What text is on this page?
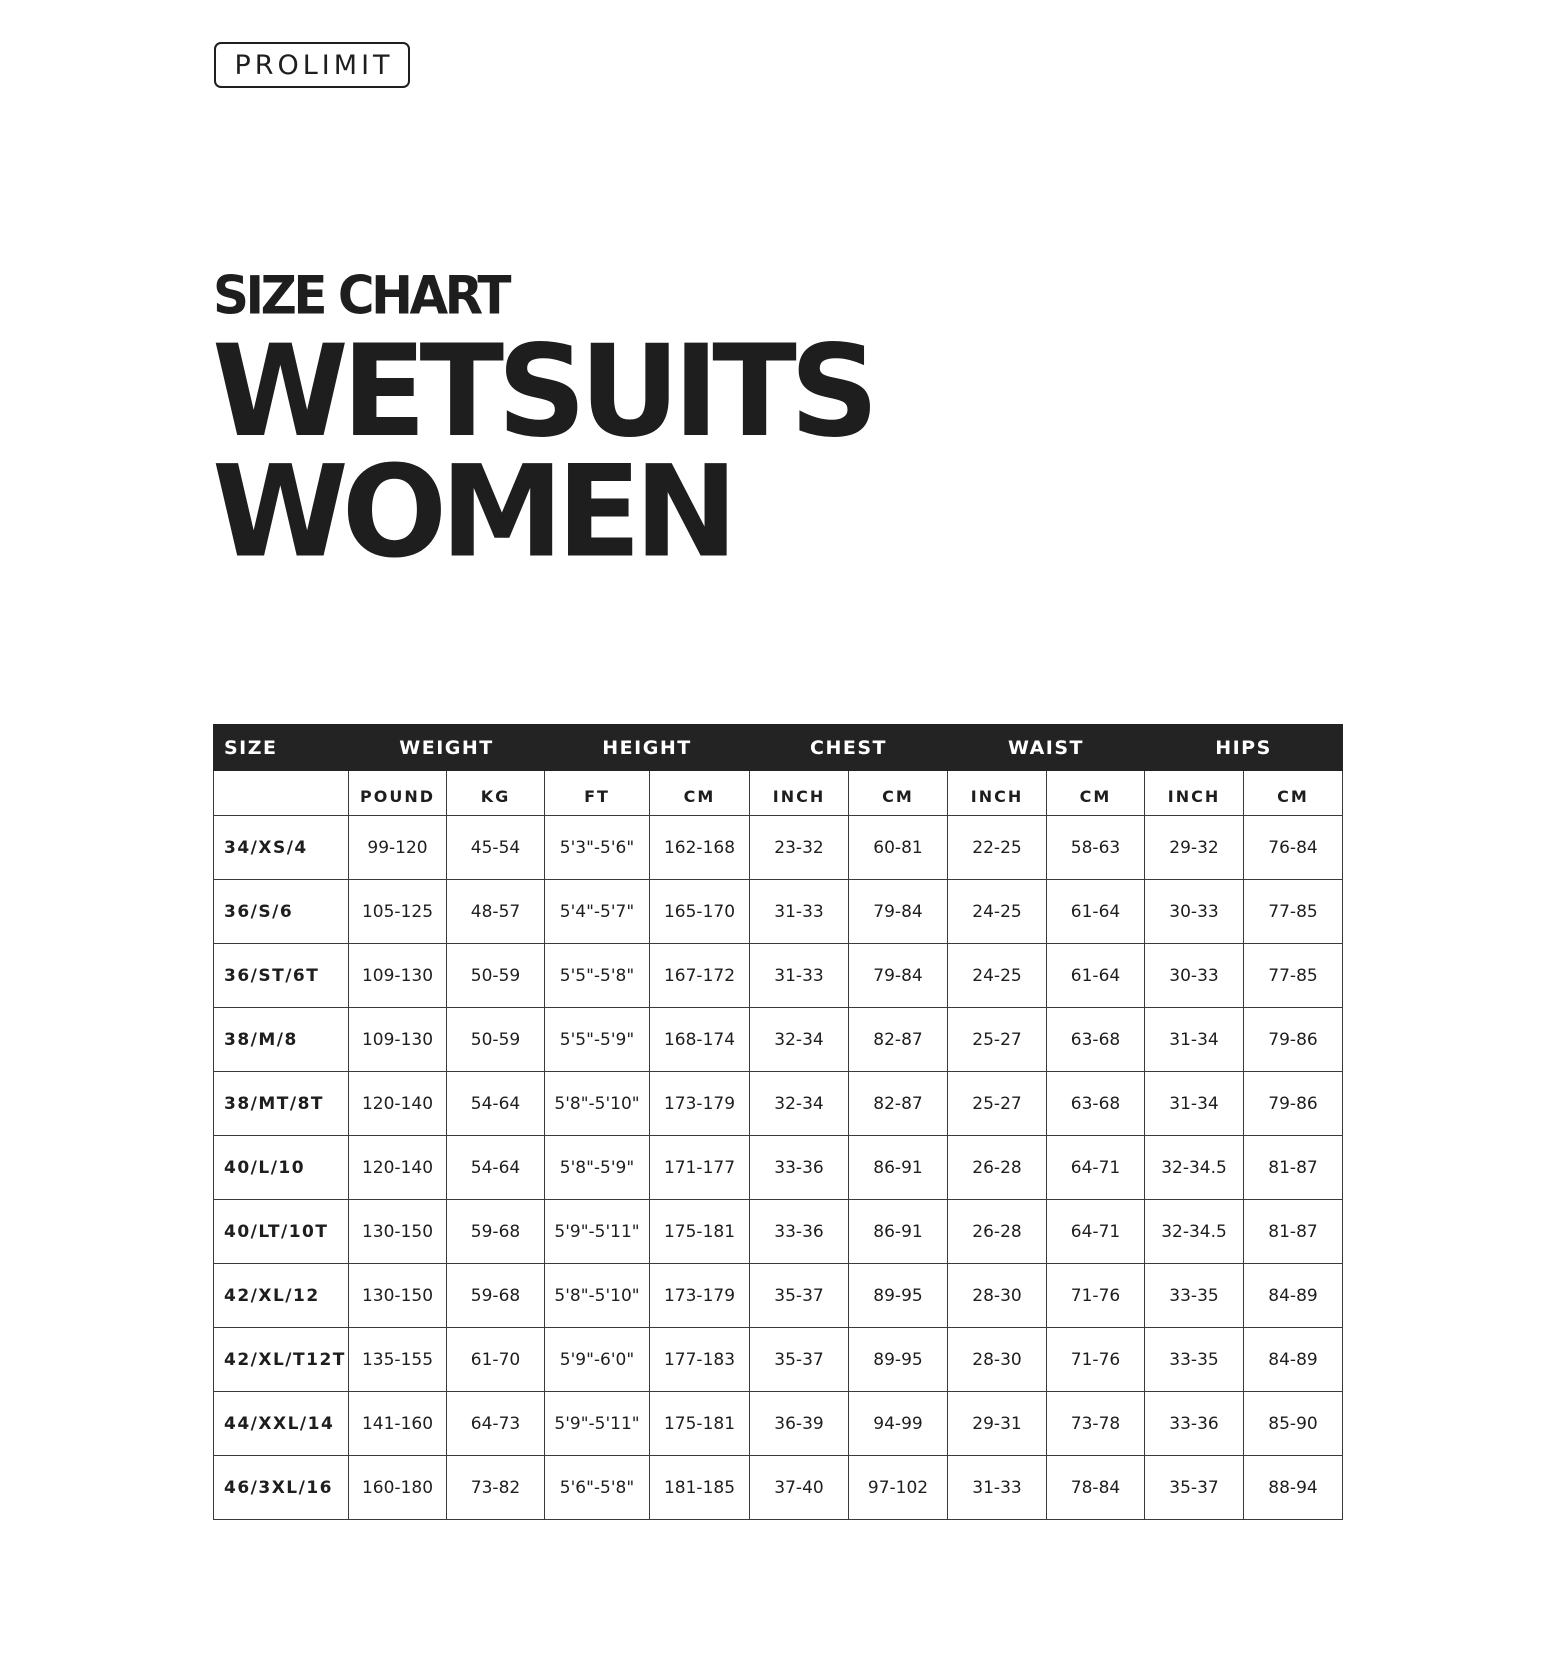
PROLIMIT
SIZE CHART
WETSUITS
WOMEN
SIZE	WEIGHT		HEIGHT		CHEST		WAIST		HIPS	
	POUND	KG	FT	CM	INCH	CM	INCH	CM	INCH	CM
34/XS/4	99-120	45-54	5'3"-5'6"	162-168	23-32	60-81	22-25	58-63	29-32	76-84
36/S/6	105-125	48-57	5'4"-5'7"	165-170	31-33	79-84	24-25	61-64	30-33	77-85
36/ST/6T	109-130	50-59	5'5"-5'8"	167-172	31-33	79-84	24-25	61-64	30-33	77-85
38/M/8	109-130	50-59	5'5"-5'9"	168-174	32-34	82-87	25-27	63-68	31-34	79-86
38/MT/8T	120-140	54-64	5'8"-5'10"	173-179	32-34	82-87	25-27	63-68	31-34	79-86
40/L/10	120-140	54-64	5'8"-5'9"	171-177	33-36	86-91	26-28	64-71	32-34.5	81-87
40/LT/10T	130-150	59-68	5'9"-5'11"	175-181	33-36	86-91	26-28	64-71	32-34.5	81-87
42/XL/12	130-150	59-68	5'8"-5'10"	173-179	35-37	89-95	28-30	71-76	33-35	84-89
42/XL/T12T	135-155	61-70	5'9"-6'0"	177-183	35-37	89-95	28-30	71-76	33-35	84-89
44/XXL/14	141-160	64-73	5'9"-5'11"	175-181	36-39	94-99	29-31	73-78	33-36	85-90
46/3XL/16	160-180	73-82	5'6"-5'8"	181-185	37-40	97-102	31-33	78-84	35-37	88-94
